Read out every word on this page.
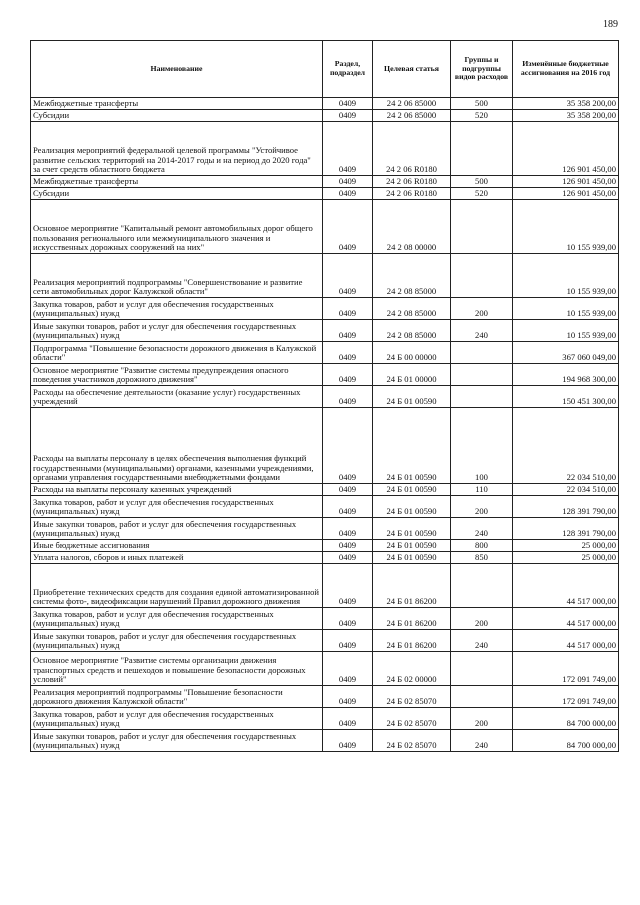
189
Наименование	Раздел, подраздел	Целевая статья	Группы и подгруппы видов расходов	Изменённые бюджетные ассигнования на 2016 год
Межбюджетные трансферты	0409	24 2 06 85000	500	35 358 200,00
Субсидии	0409	24 2 06 85000	520	35 358 200,00
Реализация мероприятий федеральной целевой программы "Устойчивое развитие сельских территорий на 2014-2017 годы и на период до 2020 года" за счет средств областного бюджета	0409	24 2 06 R0180		126 901 450,00
Межбюджетные трансферты	0409	24 2 06 R0180	500	126 901 450,00
Субсидии	0409	24 2 06 R0180	520	126 901 450,00
Основное мероприятие "Капитальный ремонт автомобильных дорог общего пользования регионального или межмуниципального значения и искусственных дорожных сооружений на них"	0409	24 2 08 00000		10 155 939,00
Реализация мероприятий подпрограммы "Совершенствование и развитие сети автомобильных дорог Калужской области"	0409	24 2 08 85000		10 155 939,00
Закупка товаров, работ и услуг для обеспечения государственных (муниципальных) нужд	0409	24 2 08 85000	200	10 155 939,00
Иные закупки товаров, работ и услуг для обеспечения государственных (муниципальных) нужд	0409	24 2 08 85000	240	10 155 939,00
Подпрограмма "Повышение безопасности дорожного движения в Калужской области"	0409	24 Б 00 00000		367 060 049,00
Основное мероприятие "Развитие системы предупреждения опасного поведения участников дорожного движения"	0409	24 Б 01 00000		194 968 300,00
Расходы на обеспечение деятельности (оказание услуг) государственных учреждений	0409	24 Б 01 00590		150 451 300,00
Расходы на выплаты персоналу в целях обеспечения выполнения функций государственными (муниципальными) органами, казенными учреждениями, органами управления государственными внебюджетными фондами	0409	24 Б 01 00590	100	22 034 510,00
Расходы на выплаты персоналу казенных учреждений	0409	24 Б 01 00590	110	22 034 510,00
Закупка товаров, работ и услуг для обеспечения государственных (муниципальных) нужд	0409	24 Б 01 00590	200	128 391 790,00
Иные закупки товаров, работ и услуг для обеспечения государственных (муниципальных) нужд	0409	24 Б 01 00590	240	128 391 790,00
Иные бюджетные ассигнования	0409	24 Б 01 00590	800	25 000,00
Уплата налогов, сборов и иных платежей	0409	24 Б 01 00590	850	25 000,00
Приобретение технических средств для создания единой автоматизированной системы фото-, видеофиксации нарушений Правил дорожного движения	0409	24 Б 01 86200		44 517 000,00
Закупка товаров, работ и услуг для обеспечения государственных (муниципальных) нужд	0409	24 Б 01 86200	200	44 517 000,00
Иные закупки товаров, работ и услуг для обеспечения государственных (муниципальных) нужд	0409	24 Б 01 86200	240	44 517 000,00
Основное мероприятие "Развитие системы организации движения транспортных средств и пешеходов и повышение безопасности дорожных условий"	0409	24 Б 02 00000		172 091 749,00
Реализация мероприятий подпрограммы "Повышение безопасности дорожного движения Калужской области"	0409	24 Б 02 85070		172 091 749,00
Закупка товаров, работ и услуг для обеспечения государственных (муниципальных) нужд	0409	24 Б 02 85070	200	84 700 000,00
Иные закупки товаров, работ и услуг для обеспечения государственных (муниципальных) нужд	0409	24 Б 02 85070	240	84 700 000,00
